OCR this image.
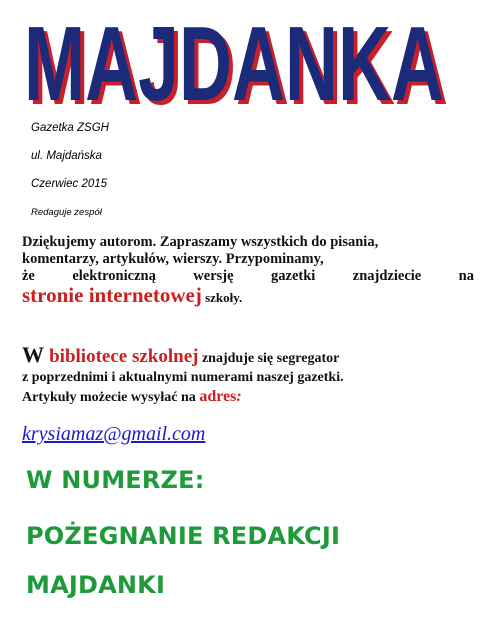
MAJDANKA
MAJDANKA
Gazetka ZSGH
ul. Majdańska
Czerwiec 2015
Redaguje zespół
Dziękujemy autorom. Zapraszamy wszystkich do pisania,
komentarzy, artykułów, wierszy. Przypominamy,

że elektroniczną wersję gazetki znajdziecie na
stronie internetowej szkoły.
W bibliotece szkolnej znajduje się segregator
z poprzednimi i aktualnymi numerami naszej gazetki.
Artykuły możecie wysyłać na adres:
krysiamaz@gmail.com
W NUMERZE:
POŻEGNANIE REDAKCJI
MAJDANKI
